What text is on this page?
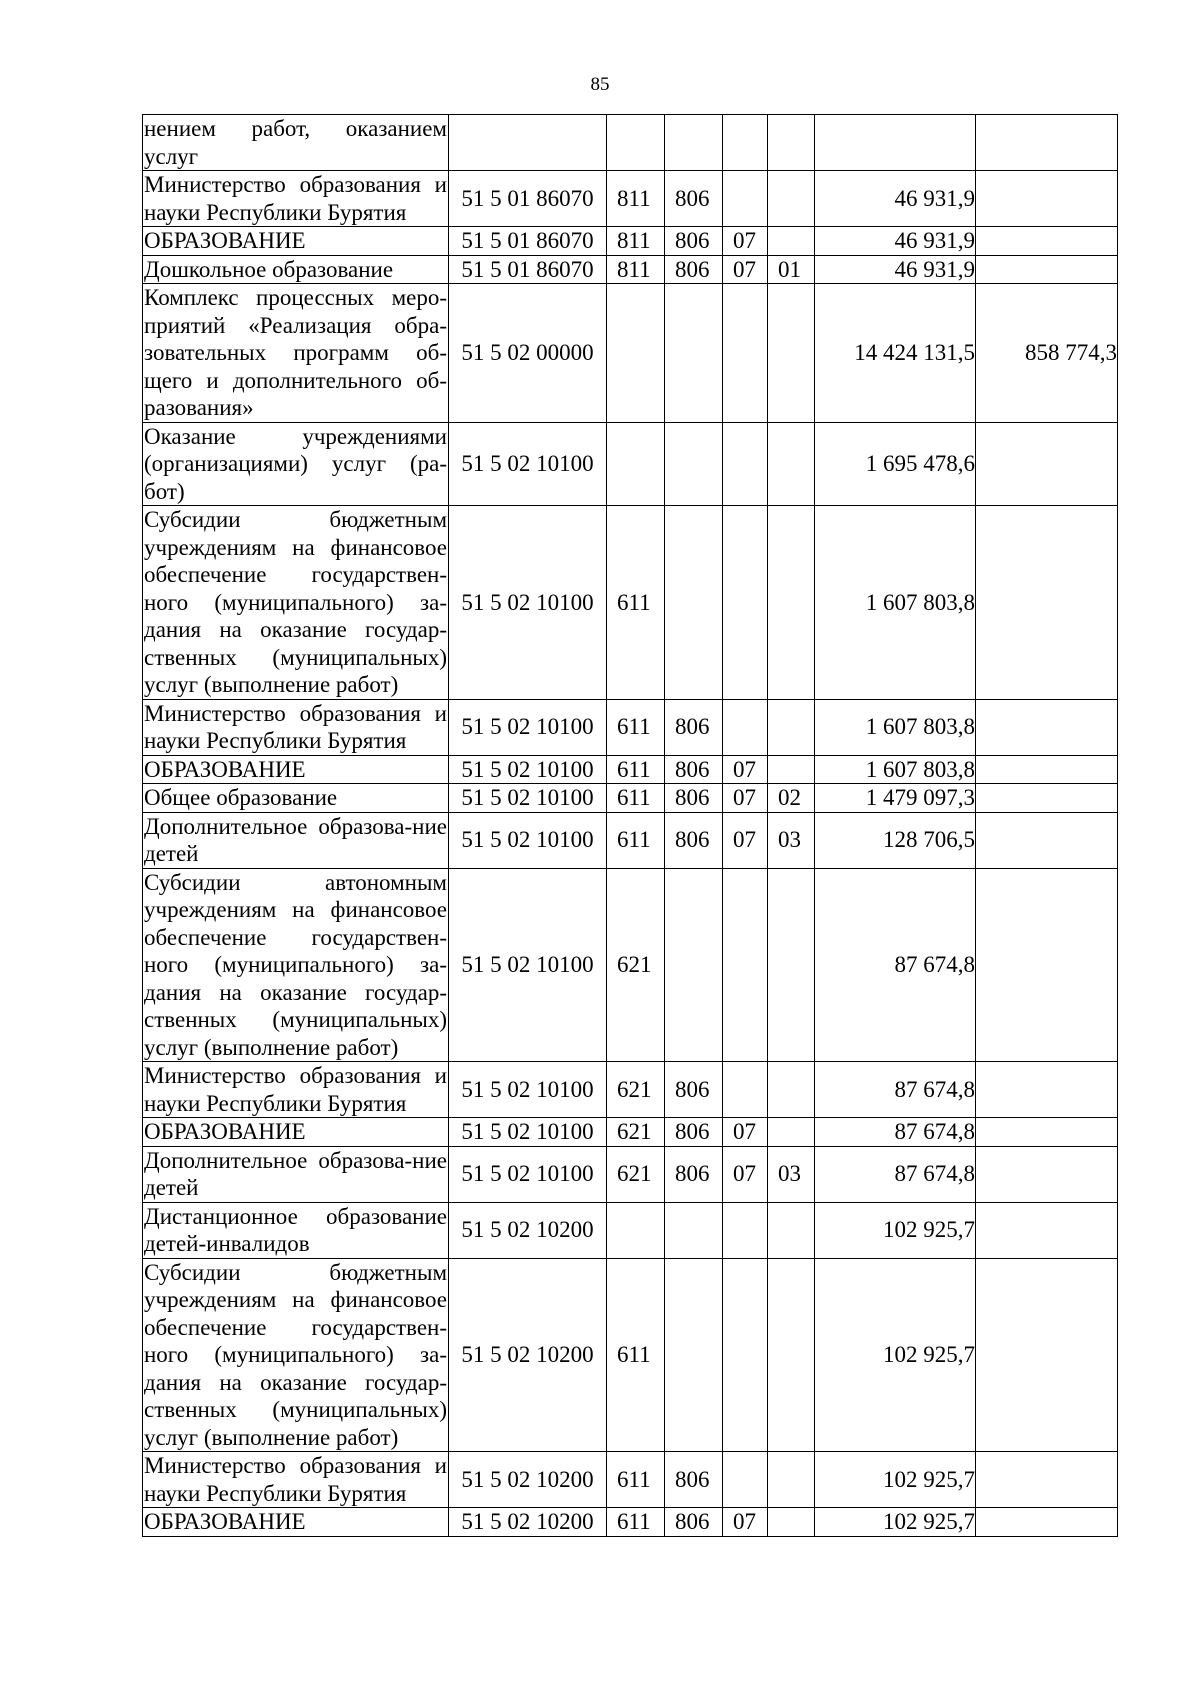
85
нением работ, оказанием услуг							
Министерство образования и науки Республики Бурятия	51 5 01 86070	811	806			46 931,9	
ОБРАЗОВАНИЕ	51 5 01 86070	811	806	07		46 931,9	
Дошкольное образование	51 5 01 86070	811	806	07	01	46 931,9	
Комплекс процессных меро-приятий «Реализация обра-зовательных программ об-щего и дополнительного об-разования»	51 5 02 00000					14 424 131,5	858 774,3
Оказание учреждениями (организациями) услуг (ра-бот)	51 5 02 10100					1 695 478,6	
Субсидии бюджетным учреждениям на финансовое обеспечение государствен-ного (муниципального) за-дания на оказание государ-ственных (муниципальных) услуг (выполнение работ)	51 5 02 10100	611				1 607 803,8	
Министерство образования и науки Республики Бурятия	51 5 02 10100	611	806			1 607 803,8	
ОБРАЗОВАНИЕ	51 5 02 10100	611	806	07		1 607 803,8	
Общее образование	51 5 02 10100	611	806	07	02	1 479 097,3	
Дополнительное образова-ние детей	51 5 02 10100	611	806	07	03	128 706,5	
Субсидии автономным учреждениям на финансовое обеспечение государствен-ного (муниципального) за-дания на оказание государ-ственных (муниципальных) услуг (выполнение работ)	51 5 02 10100	621				87 674,8	
Министерство образования и науки Республики Бурятия	51 5 02 10100	621	806			87 674,8	
ОБРАЗОВАНИЕ	51 5 02 10100	621	806	07		87 674,8	
Дополнительное образова-ние детей	51 5 02 10100	621	806	07	03	87 674,8	
Дистанционное образование детей-инвалидов	51 5 02 10200					102 925,7	
Субсидии бюджетным учреждениям на финансовое обеспечение государствен-ного (муниципального) за-дания на оказание государ-ственных (муниципальных) услуг (выполнение работ)	51 5 02 10200	611				102 925,7	
Министерство образования и науки Республики Бурятия	51 5 02 10200	611	806			102 925,7	
ОБРАЗОВАНИЕ	51 5 02 10200	611	806	07		102 925,7	
